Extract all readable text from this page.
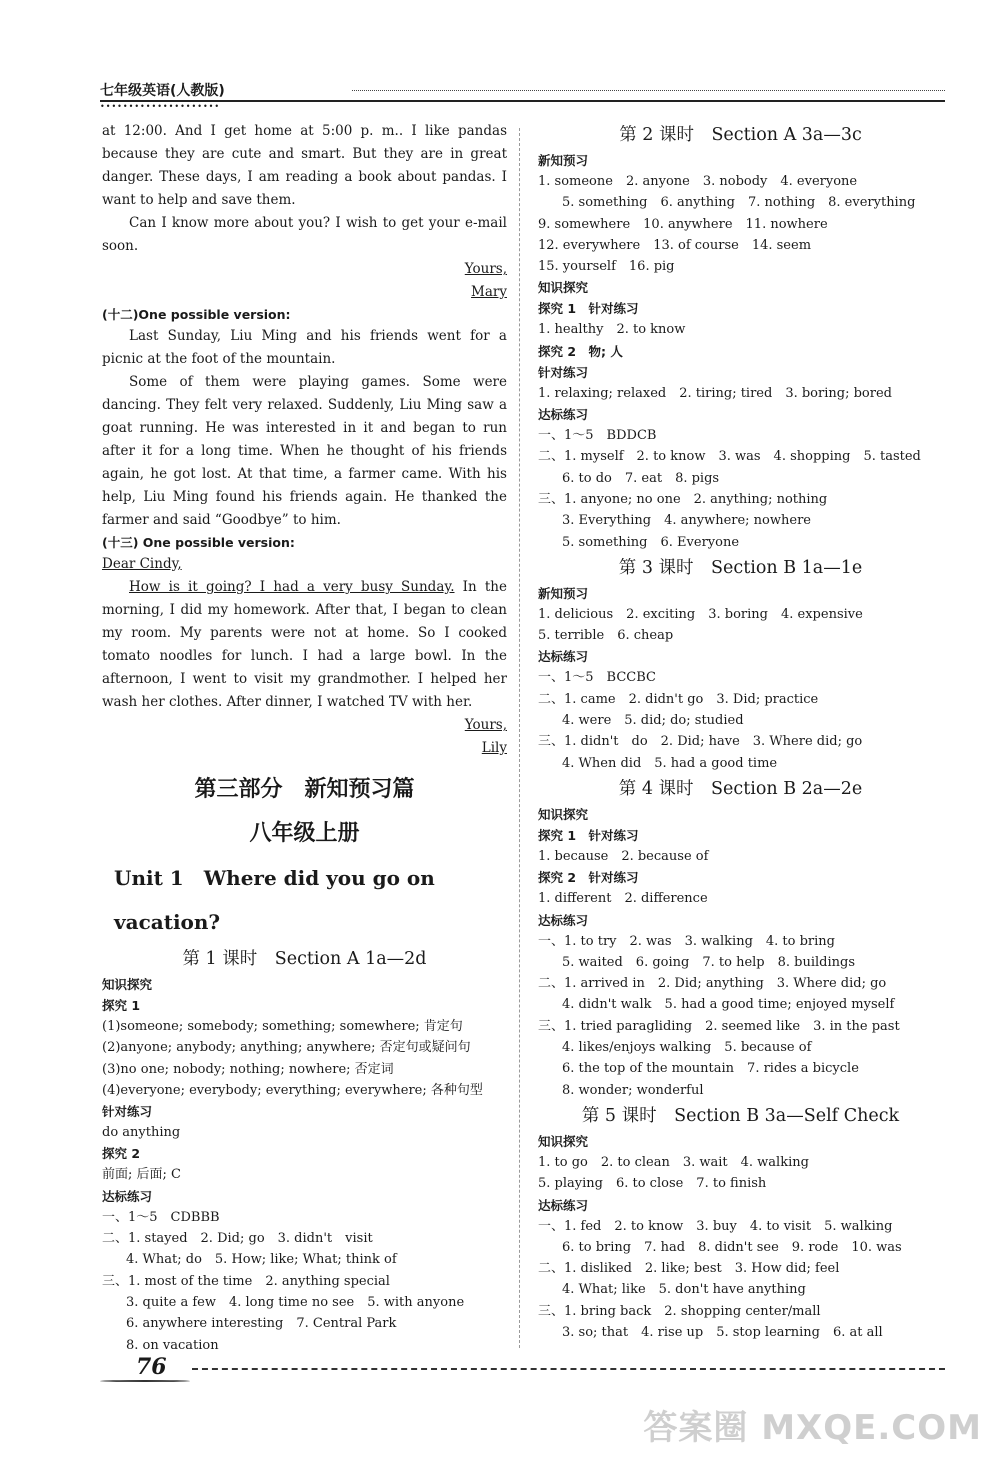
七年级英语(人教版)
•••••••••••••••••••••
at 12:00. And I get home at 5:00 p. m.. I like pandas because they are cute and smart. But they are in great danger. These days, I am reading a book about pandas. I want to help and save them.
Can I know more about you? I wish to get your e-mail soon.
Yours,
Mary
(十二)One possible version:
Last Sunday, Liu Ming and his friends went for a picnic at the foot of the mountain.
Some of them were playing games. Some were dancing. They felt very relaxed. Suddenly, Liu Ming saw a goat running. He was interested in it and began to run after it for a long time. When he thought of his friends again, he got lost. At that time, a farmer came. With his help, Liu Ming found his friends again. He thanked the farmer and said “Goodbye” to him.
(十三) One possible version:
Dear Cindy,
How is it going? I had a very busy Sunday. In the morning, I did my homework. After that, I began to clean my room. My parents were not at home. So I cooked tomato noodles for lunch. I had a large bowl. In the afternoon, I went to visit my grandmother. I helped her wash her clothes. After dinner, I watched TV with her.
Yours,
Lily
第三部分　新知预习篇
八年级上册
Unit 1　Where did you go on vacation?
第 1 课时　Section A 1a—2d
知识探究
探究 1
(1)someone; somebody; something; somewhere; 肯定句
(2)anyone; anybody; anything; anywhere; 否定句或疑问句
(3)no one; nobody; nothing; nowhere; 否定词
(4)everyone; everybody; everything; everywhere; 各种句型
针对练习
do anything
探究 2
前面; 后面; C
达标练习
一、1～5　CDBBB
二、1. stayed　2. Did; go　3. didn't　visit
4. What; do　5. How; like; What; think of
三、1. most of the time　2. anything special
3. quite a few　4. long time no see　5. with anyone
6. anywhere interesting　7. Central Park
8. on vacation
第 2 课时　Section A 3a—3c
新知预习
1. someone　2. anyone　3. nobody　4. everyone
5. something　6. anything　7. nothing　8. everything
9. somewhere　10. anywhere　11. nowhere
12. everywhere　13. of course　14. seem
15. yourself　16. pig
知识探究
探究 1　针对练习
1. healthy　2. to know
探究 2　物; 人
针对练习
1. relaxing; relaxed　2. tiring; tired　3. boring; bored
达标练习
一、1～5　BDDCB
二、1. myself　2. to know　3. was　4. shopping　5. tasted
6. to do　7. eat　8. pigs
三、1. anyone; no one　2. anything; nothing
3. Everything　4. anywhere; nowhere
5. something　6. Everyone
第 3 课时　Section B 1a—1e
新知预习
1. delicious　2. exciting　3. boring　4. expensive
5. terrible　6. cheap
达标练习
一、1～5　BCCBC
二、1. came　2. didn't go　3. Did; practice
4. were　5. did; do; studied
三、1. didn't　do　2. Did; have　3. Where did; go
4. When did　5. had a good time
第 4 课时　Section B 2a—2e
知识探究
探究 1　针对练习
1. because　2. because of
探究 2　针对练习
1. different　2. difference
达标练习
一、1. to try　2. was　3. walking　4. to bring
5. waited　6. going　7. to help　8. buildings
二、1. arrived in　2. Did; anything　3. Where did; go
4. didn't walk　5. had a good time; enjoyed myself
三、1. tried paragliding　2. seemed like　3. in the past
4. likes/enjoys walking　5. because of
6. the top of the mountain　7. rides a bicycle
8. wonder; wonderful
第 5 课时　Section B 3a—Self Check
知识探究
1. to go　2. to clean　3. wait　4. walking
5. playing　6. to close　7. to finish
达标练习
一、1. fed　2. to know　3. buy　4. to visit　5. walking
6. to bring　7. had　8. didn't see　9. rode　10. was
二、1. disliked　2. like; best　3. How did; feel
4. What; like　5. don't have anything
三、1. bring back　2. shopping center/mall
3. so; that　4. rise up　5. stop learning　6. at all
76
答案圈 MXQE.COM
